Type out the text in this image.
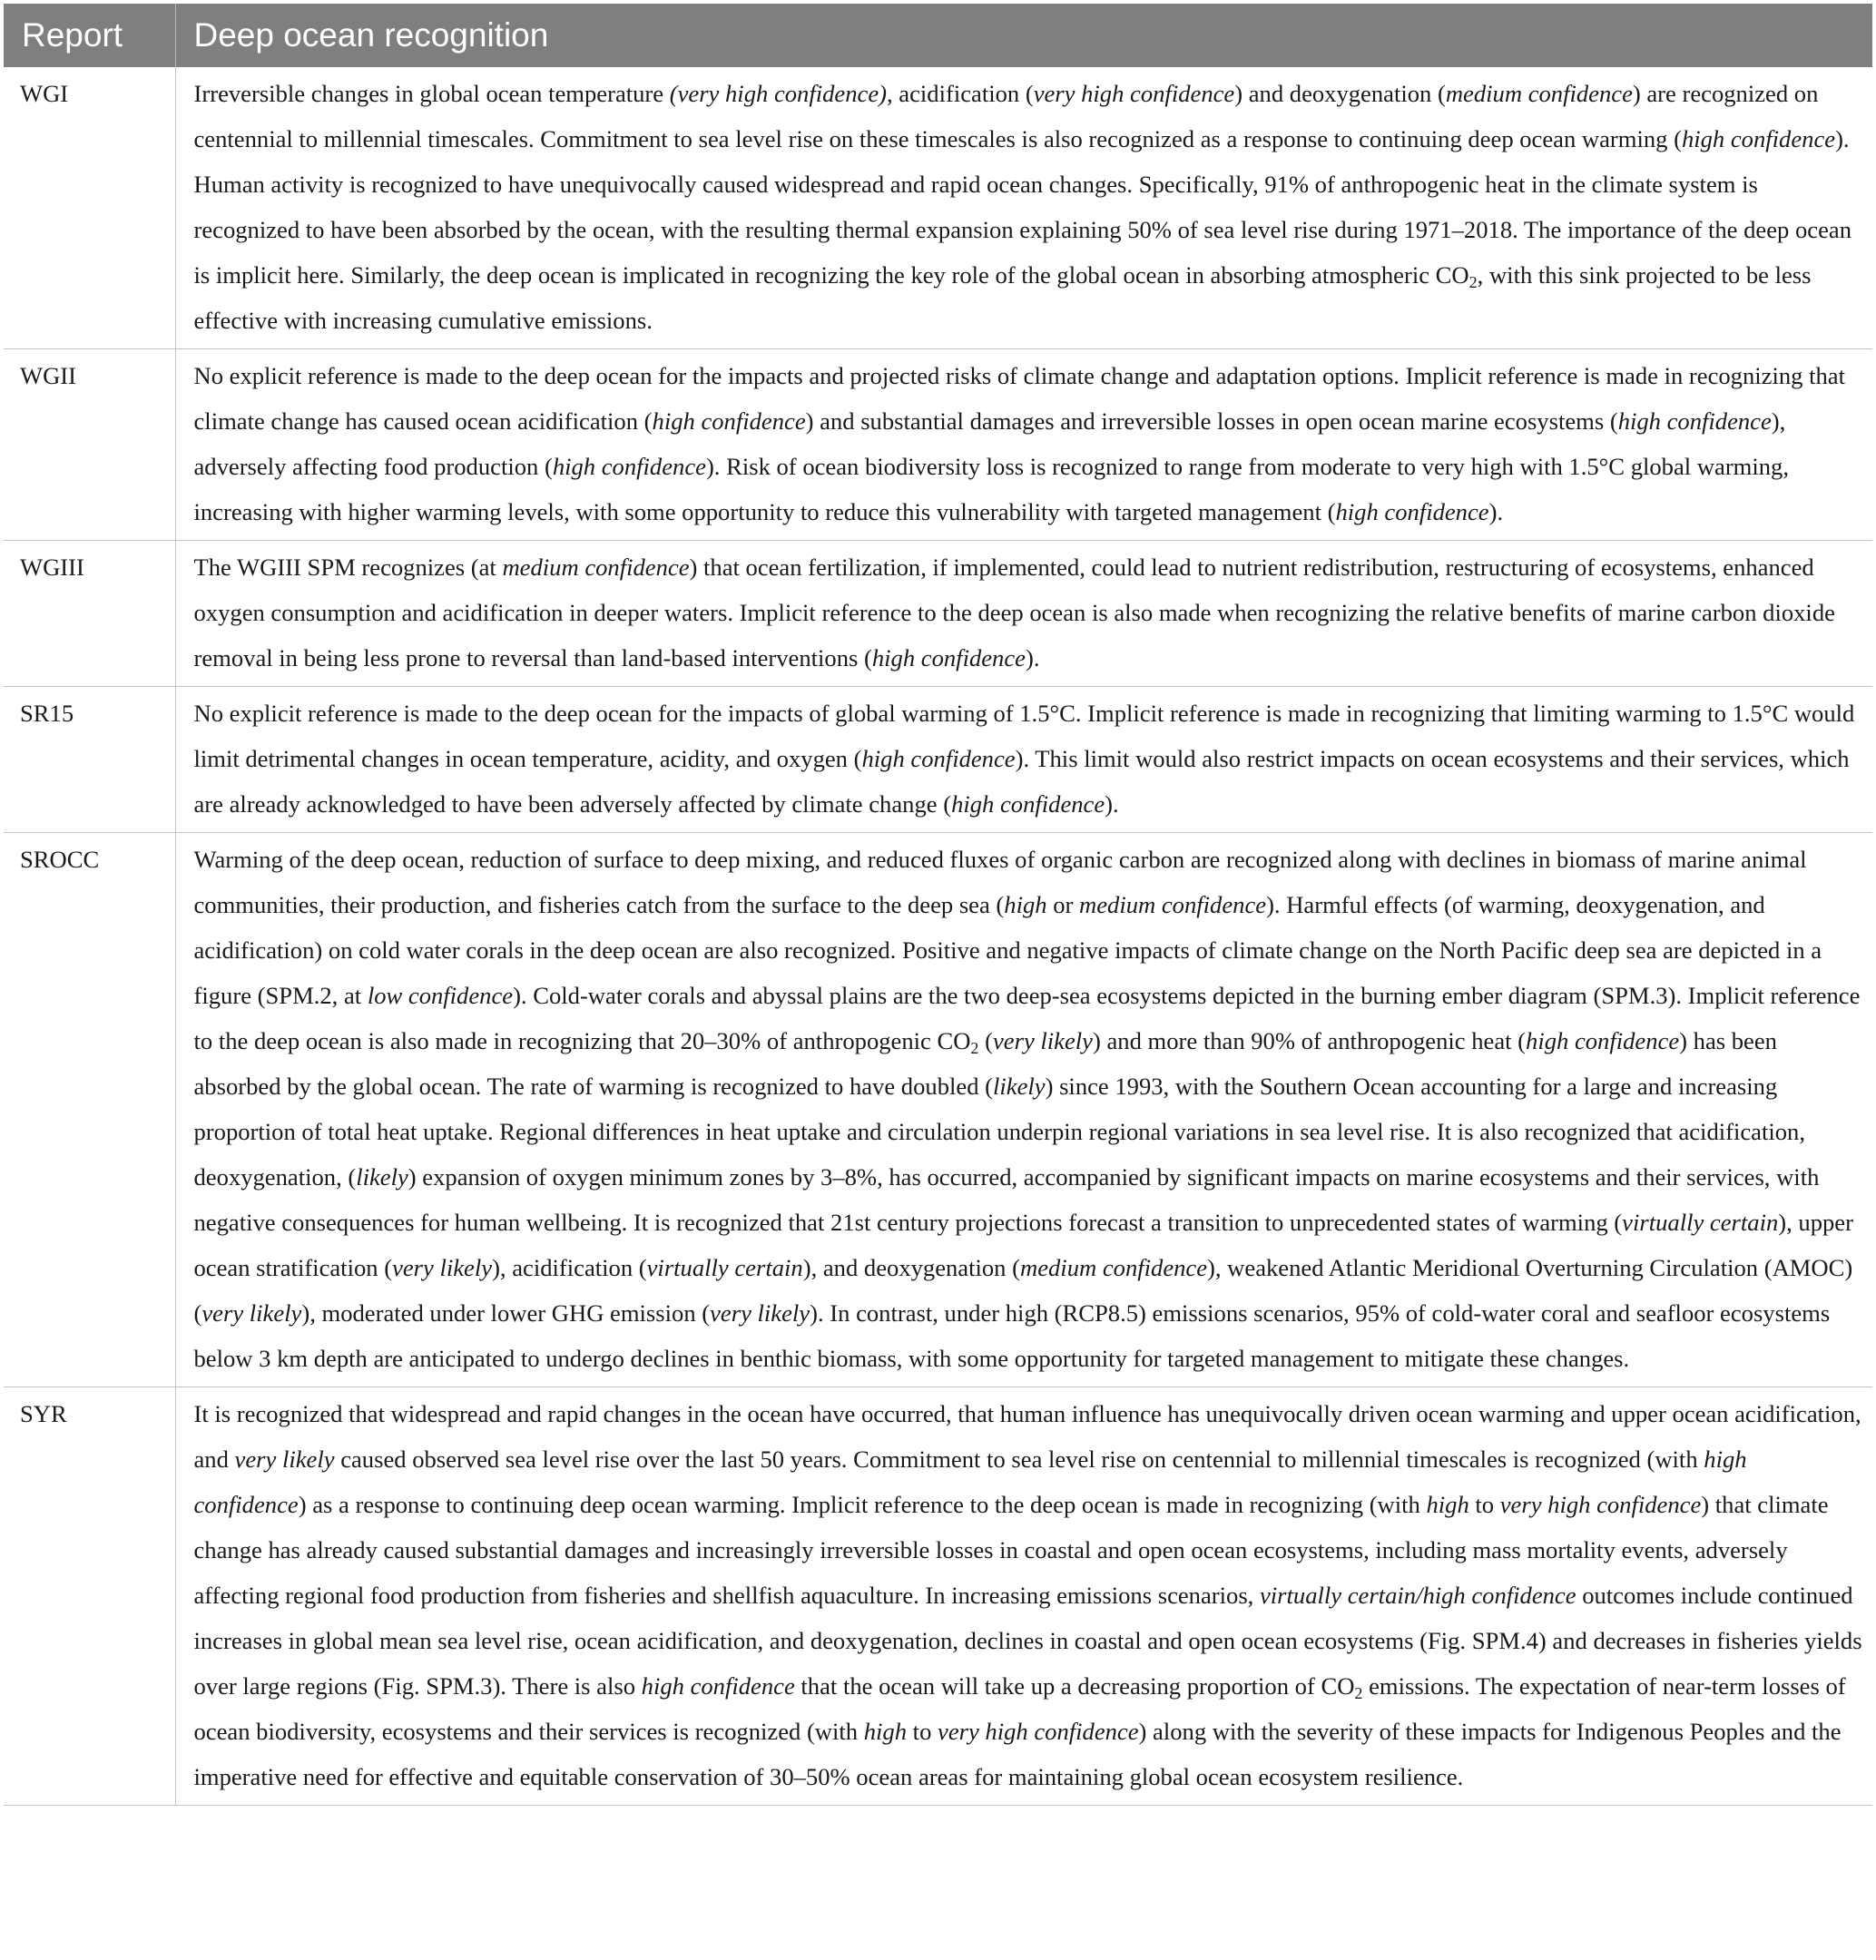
Report	Deep ocean recognition
WGI	Irreversible changes in global ocean temperature (very high confidence), acidification (very high confidence) and deoxygenation (medium confidence) are recognized on centennial to millennial timescales. Commitment to sea level rise on these timescales is also recognized as a response to continuing deep ocean warming (high confidence). Human activity is recognized to have unequivocally caused widespread and rapid ocean changes. Specifically, 91% of anthropogenic heat in the climate system is recognized to have been absorbed by the ocean, with the resulting thermal expansion explaining 50% of sea level rise during 1971–2018. The importance of the deep ocean is implicit here. Similarly, the deep ocean is implicated in recognizing the key role of the global ocean in absorbing atmospheric CO2, with this sink projected to be less effective with increasing cumulative emissions.
WGII	No explicit reference is made to the deep ocean for the impacts and projected risks of climate change and adaptation options. Implicit reference is made in recognizing that climate change has caused ocean acidification (high confidence) and substantial damages and irreversible losses in open ocean marine ecosystems (high confidence), adversely affecting food production (high confidence). Risk of ocean biodiversity loss is recognized to range from moderate to very high with 1.5°C global warming, increasing with higher warming levels, with some opportunity to reduce this vulnerability with targeted management (high confidence).
WGIII	The WGIII SPM recognizes (at medium confidence) that ocean fertilization, if implemented, could lead to nutrient redistribution, restructuring of ecosystems, enhanced oxygen consumption and acidification in deeper waters. Implicit reference to the deep ocean is also made when recognizing the relative benefits of marine carbon dioxide removal in being less prone to reversal than land-based interventions (high confidence).
SR15	No explicit reference is made to the deep ocean for the impacts of global warming of 1.5°C. Implicit reference is made in recognizing that limiting warming to 1.5°C would limit detrimental changes in ocean temperature, acidity, and oxygen (high confidence). This limit would also restrict impacts on ocean ecosystems and their services, which are already acknowledged to have been adversely affected by climate change (high confidence).
SROCC	Warming of the deep ocean, reduction of surface to deep mixing, and reduced fluxes of organic carbon are recognized along with declines in biomass of marine animal communities, their production, and fisheries catch from the surface to the deep sea (high or medium confidence). Harmful effects (of warming, deoxygenation, and acidification) on cold water corals in the deep ocean are also recognized. Positive and negative impacts of climate change on the North Pacific deep sea are depicted in a figure (SPM.2, at low confidence). Cold-water corals and abyssal plains are the two deep-sea ecosystems depicted in the burning ember diagram (SPM.3). Implicit reference to the deep ocean is also made in recognizing that 20–30% of anthropogenic CO2 (very likely) and more than 90% of anthropogenic heat (high confidence) has been absorbed by the global ocean. The rate of warming is recognized to have doubled (likely) since 1993, with the Southern Ocean accounting for a large and increasing proportion of total heat uptake. Regional differences in heat uptake and circulation underpin regional variations in sea level rise. It is also recognized that acidification, deoxygenation, (likely) expansion of oxygen minimum zones by 3–8%, has occurred, accompanied by significant impacts on marine ecosystems and their services, with negative consequences for human wellbeing. It is recognized that 21st century projections forecast a transition to unprecedented states of warming (virtually certain), upper ocean stratification (very likely), acidification (virtually certain), and deoxygenation (medium confidence), weakened Atlantic Meridional Overturning Circulation (AMOC) (very likely), moderated under lower GHG emission (very likely). In contrast, under high (RCP8.5) emissions scenarios, 95% of cold-water coral and seafloor ecosystems below 3 km depth are anticipated to undergo declines in benthic biomass, with some opportunity for targeted management to mitigate these changes.
SYR	It is recognized that widespread and rapid changes in the ocean have occurred, that human influence has unequivocally driven ocean warming and upper ocean acidification, and very likely caused observed sea level rise over the last 50 years. Commitment to sea level rise on centennial to millennial timescales is recognized (with high confidence) as a response to continuing deep ocean warming. Implicit reference to the deep ocean is made in recognizing (with high to very high confidence) that climate change has already caused substantial damages and increasingly irreversible losses in coastal and open ocean ecosystems, including mass mortality events, adversely affecting regional food production from fisheries and shellfish aquaculture. In increasing emissions scenarios, virtually certain/high confidence outcomes include continued increases in global mean sea level rise, ocean acidification, and deoxygenation, declines in coastal and open ocean ecosystems (Fig. SPM.4) and decreases in fisheries yields over large regions (Fig. SPM.3). There is also high confidence that the ocean will take up a decreasing proportion of CO2 emissions. The expectation of near-term losses of ocean biodiversity, ecosystems and their services is recognized (with high to very high confidence) along with the severity of these impacts for Indigenous Peoples and the imperative need for effective and equitable conservation of 30–50% ocean areas for maintaining global ocean ecosystem resilience.
